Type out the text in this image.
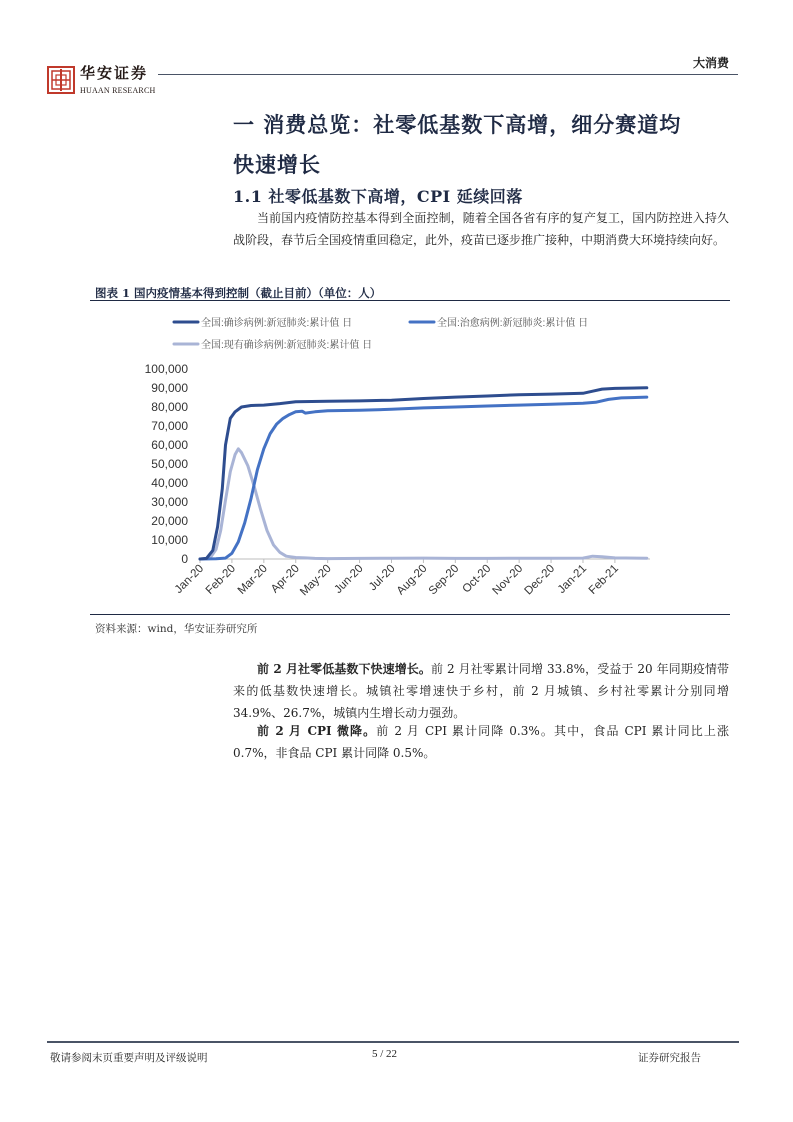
华安证券
HUAAN RESEARCH
大消费
一 消费总览：社零低基数下高增，细分赛道均
快速增长
1.1 社零低基数下高增，CPI 延续回落
当前国内疫情防控基本得到全面控制，随着全国各省有序的复产复工，国内防控进入持久战阶段，春节后全国疫情重回稳定，此外，疫苗已逐步推广接种，中期消费大环境持续向好。
图表 1 国内疫情基本得到控制（截止目前）（单位：人）
全国:确诊病例:新冠肺炎:累计值 日	全国:治愈病例:新冠肺炎:累计值 日
全国:现有确诊病例:新冠肺炎:累计值 日
0
10,000
20,000
30,000
40,000
50,000
60,000
70,000
80,000
90,000
100,000
Jan-20
Feb-20
Mar-20 Apr-20
May-20
Jun-20 Jul-20
Aug-20
Sep-20 Oct-20
Nov-20
Dec-20
Jan-21
Feb-21
资料来源：wind，华安证券研究所
前 2 月社零低基数下快速增长。前 2 月社零累计同增 33.8%，受益于 20 年同期疫情带来的低基数快速增长。城镇社零增速快于乡村，前 2 月城镇、乡村社零累计分别同增 34.9%、26.7%，城镇内生增长动力强劲。
前 2 月 CPI 微降。前 2 月 CPI 累计同降 0.3%。其中，食品 CPI 累计同比上涨 0.7%，非食品 CPI 累计同降 0.5%。
敬请参阅末页重要声明及评级说明	5 / 22	证券研究报告
